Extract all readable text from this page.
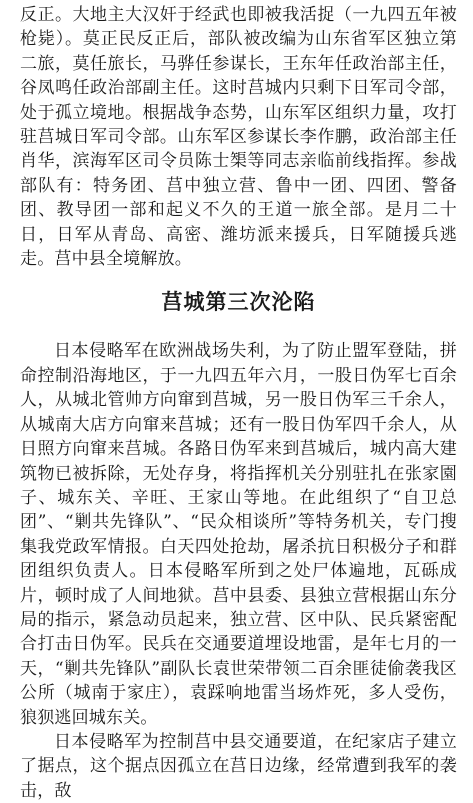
反正。大地主大汉奸于经武也即被我活捉（一九四五年被枪毙）。莫正民反正后，部队被改编为山东省军区独立第二旅，莫任旅长，马骅任参谋长，王东年任政治部主任，谷凤鸣任政治部副主任。这时莒城内只剩下日军司令部，处于孤立境地。根据战争态势，山东军区组织力量，攻打驻莒城日军司令部。山东军区参谋长李作鹏，政治部主任肖华，滨海军区司令员陈士榘等同志亲临前线指挥。参战部队有：特务团、莒中独立营、鲁中一团、四团、警备团、教导团一部和起义不久的王道一旅全部。是月二十日，日军从青岛、高密、潍坊派来援兵，日军随援兵逃走。莒中县全境解放。

莒城第三次沦陷

日本侵略军在欧洲战场失利，为了防止盟军登陆，拼命控制沿海地区，于一九四五年六月，一股日伪军七百余人，从城北管帅方向窜到莒城，另一股日伪军三千余人，从城南大店方向窜来莒城；还有一股日伪军四千余人，从日照方向窜来莒城。各路日伪军来到莒城后，城内高大建筑物已被拆除，无处存身，将指挥机关分别驻扎在张家園子、城东关、辛旺、王家山等地。在此组织了“自卫总团”、“剿共先锋队”、“民众相谈所”等特务机关，专门搜集我党政军情报。白天四处抢劫，屠杀抗日积极分子和群团组织负责人。日本侵略军所到之处尸体遍地，瓦砾成片，顿时成了人间地狱。莒中县委、县独立营根据山东分局的指示，紧急动员起来，独立营、区中队、民兵紧密配合打击日伪军。民兵在交通要道埋设地雷，是年七月的一天，“剿共先锋队”副队长袁世荣带领二百余匪徒偷袭我区公所（城南于家庄），袁踩响地雷当场炸死，多人受伤，狼狈逃回城东关。

日本侵略军为控制莒中县交通要道，在纪家店子建立了据点，这个据点因孤立在莒日边缘，经常遭到我军的袭击，敌
